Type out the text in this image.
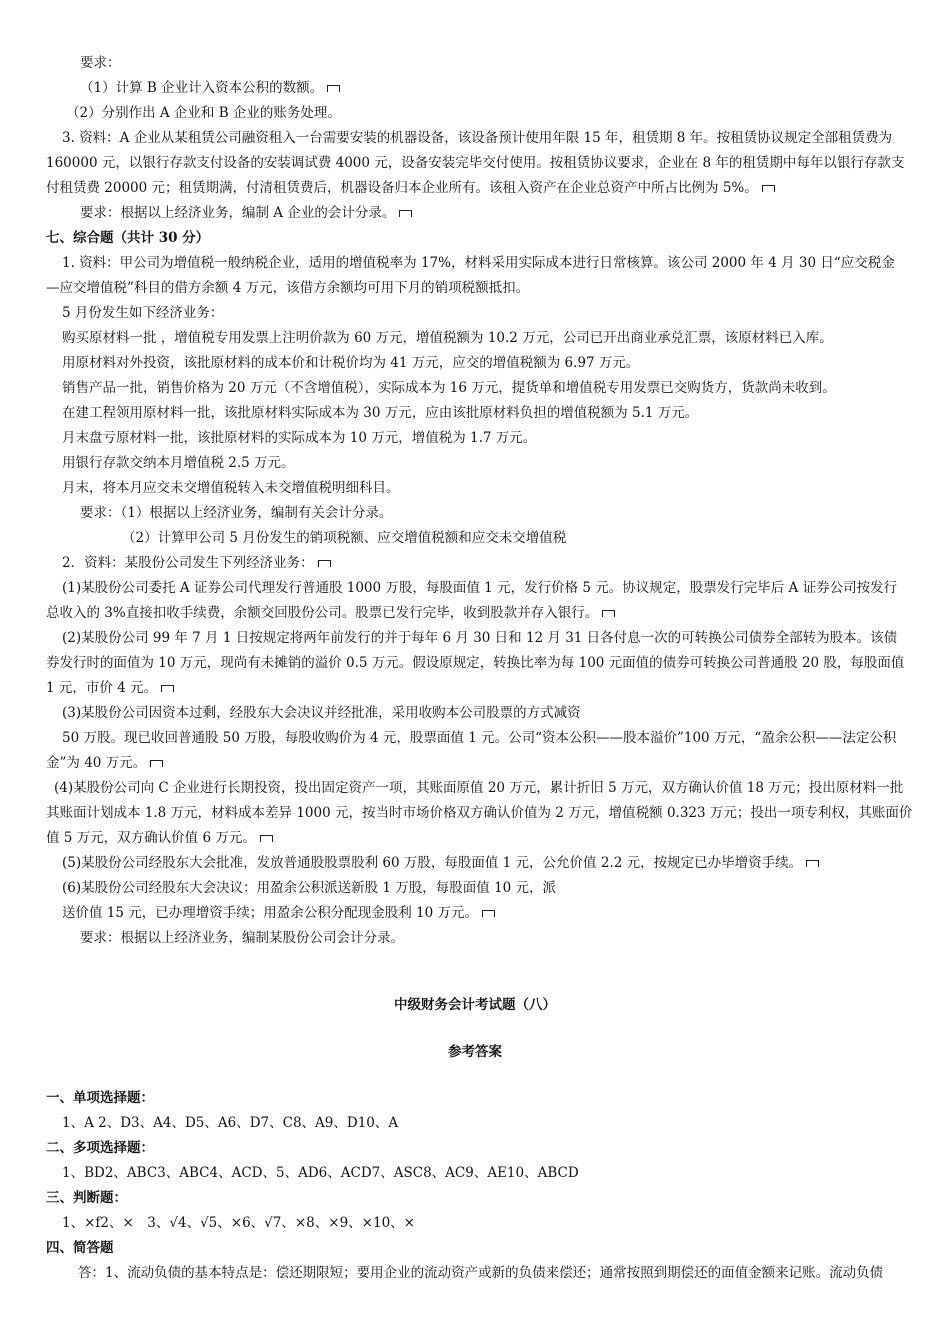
要求：
（1）计算 B 企业计入资本公积的数额。
（2）分别作出 A 企业和 B 企业的账务处理。
3. 资料：A 企业从某租赁公司融资租入一台需要安装的机器设备，该设备预计使用年限 15 年，租赁期 8 年。按租赁协议规定全部租赁费为
160000 元，以银行存款支付设备的安装调试费 4000 元，设备安装完毕交付使用。按租赁协议要求，企业在 8 年的租赁期中每年以银行存款支
付租赁费 20000 元；租赁期满，付清租赁费后，机器设备归本企业所有。该租入资产在企业总资产中所占比例为 5%。
要求：根据以上经济业务，编制 A 企业的会计分录。
七、综合题（共计 30 分）
1. 资料：甲公司为增值税一般纳税企业，适用的增值税率为 17%，材料采用实际成本进行日常核算。该公司 2000 年 4 月 30 日“应交税金
—应交增值税”科目的借方余额 4 万元，该借方余额均可用下月的销项税额抵扣。
5 月份发生如下经济业务：
购买原材料一批 ，增值税专用发票上注明价款为 60 万元，增值税额为 10.2 万元，公司已开出商业承兑汇票，该原材料已入库。
用原材料对外投资，该批原材料的成本价和计税价均为 41 万元，应交的增值税额为 6.97 万元。
销售产品一批，销售价格为 20 万元（不含增值税），实际成本为 16 万元，提货单和增值税专用发票已交购货方，货款尚未收到。
在建工程领用原材料一批，该批原材料实际成本为 30 万元，应由该批原材料负担的增值税额为 5.1 万元。
月末盘亏原材料一批，该批原材料的实际成本为 10 万元，增值税为 1.7 万元。
用银行存款交纳本月增值税 2.5 万元。
月末，将本月应交未交增值税转入未交增值税明细科目。
要求：（1）根据以上经济业务，编制有关会计分录。
（2）计算甲公司 5 月份发生的销项税额、应交增值税额和应交未交增值税
2．资料：某股份公司发生下列经济业务：
(1)某股份公司委托 A 证券公司代理发行普通股 1000 万股，每股面值 1 元，发行价格 5 元。协议规定，股票发行完毕后 A 证券公司按发行
总收入的 3%直接扣收手续费，余额交回股份公司。股票已发行完毕，收到股款并存入银行。
(2)某股份公司 99 年 7 月 1 日按规定将两年前发行的并于每年 6 月 30 日和 12 月 31 日各付息一次的可转换公司债券全部转为股本。该债
券发行时的面值为 10 万元，现尚有未摊销的溢价 0.5 万元。假设原规定，转换比率为每 100 元面值的债券可转换公司普通股 20 股，每股面值
1 元，市价 4 元。
(3)某股份公司因资本过剩，经股东大会决议并经批准，采用收购本公司股票的方式减资
50 万股。现已收回普通股 50 万股，每股收购价为 4 元，股票面值 1 元。公司“资本公积——股本溢价”100 万元，“盈余公积——法定公积
金”为 40 万元。
(4)某股份公司向 C 企业进行长期投资，投出固定资产一项，其账面原值 20 万元，累计折旧 5 万元，双方确认价值 18 万元；投出原材料一批
其账面计划成本 1.8 万元，材料成本差异 1000 元，按当时市场价格双方确认价值为 2 万元，增值税额 0.323 万元；投出一项专利权，其账面价
值 5 万元，双方确认价值 6 万元。
(5)某股份公司经股东大会批准，发放普通股股票股利 60 万股，每股面值 1 元，公允价值 2.2 元，按规定已办毕增资手续。
(6)某股份公司经股东大会决议：用盈余公积派送新股 1 万股，每股面值 10 元，派
送价值 15 元，已办理增资手续；用盈余公积分配现金股利 10 万元。
要求：根据以上经济业务，编制某股份公司会计分录。
中级财务会计考试题（八）
参考答案
一、单项选择题：
1、A 2、D3、A4、D5、A6、D7、C8、A9、D10、A
二、多项选择题：
1、BD2、ABC3、ABC4、ACD、5、AD6、ACD7、ASC8、AC9、AE10、ABCD
三、判断题：
1、×f2、×　3、√4、√5、×6、√7、×8、×9、×10、×
四、简答题
答：1、流动负债的基本特点是：偿还期限短；要用企业的流动资产或新的负债来偿还；通常按照到期偿还的面值金额来记账。流动负债
